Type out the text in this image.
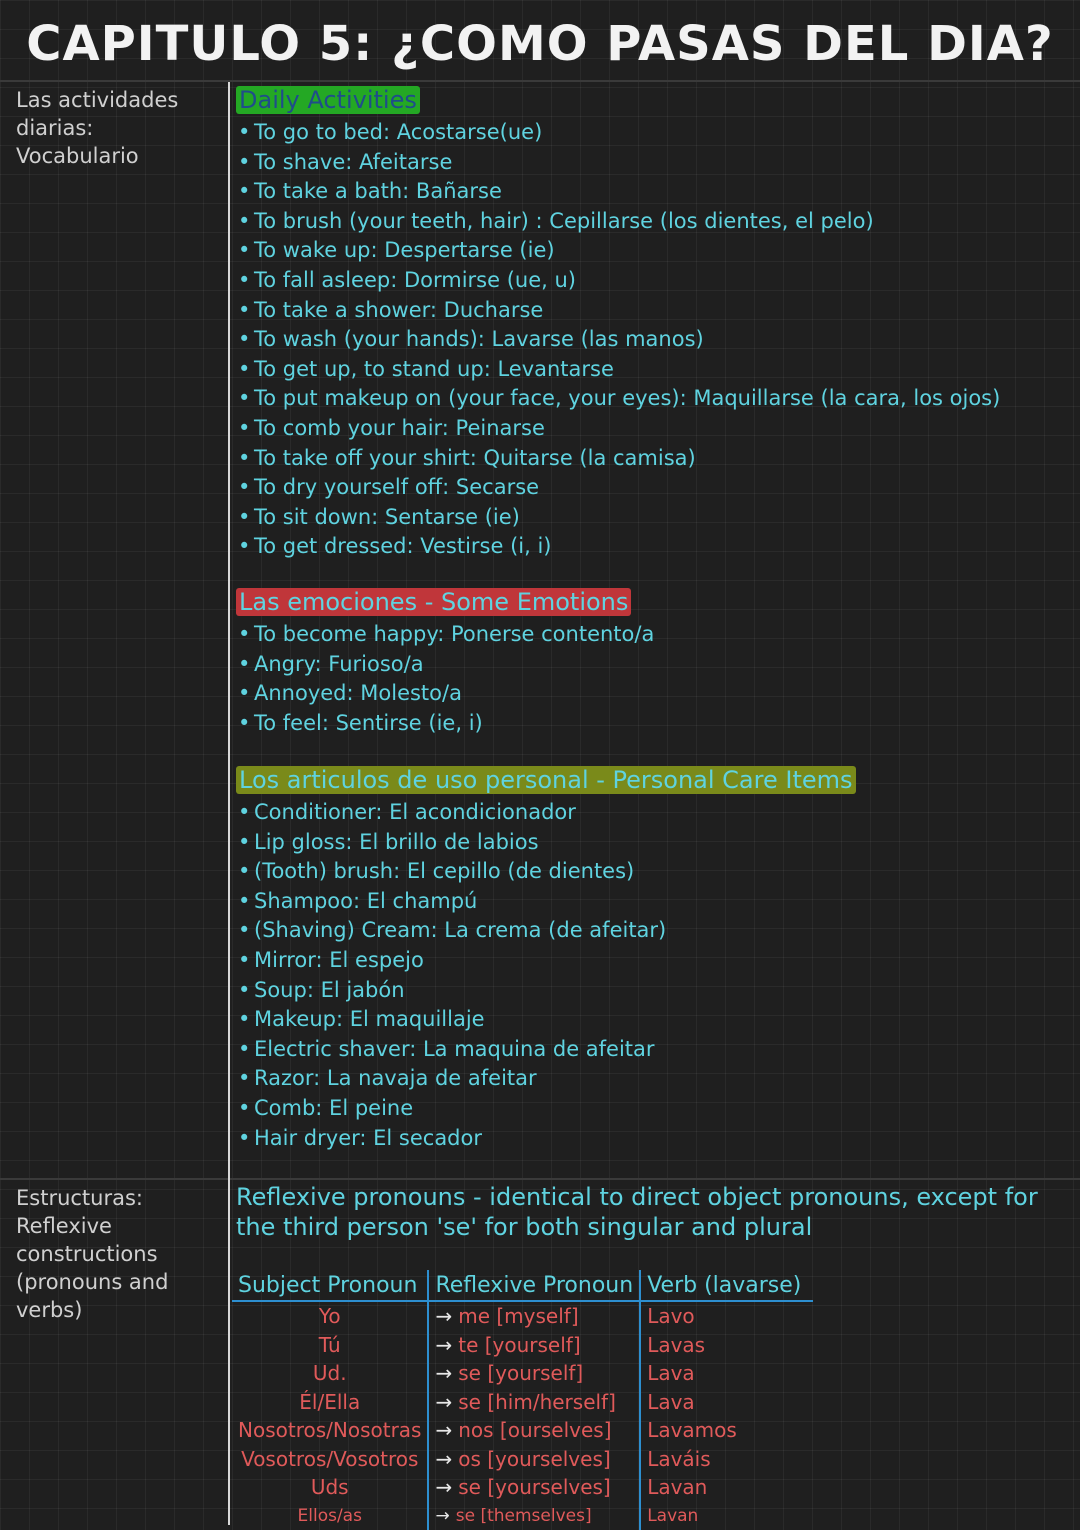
CAPITULO 5: ¿COMO PASAS DEL DIA?
Las actividades diarias: Vocabulario
Estructuras: Reflexive constructions (pronouns and verbs)
Daily Activities
• To go to bed: Acostarse(ue)
• To shave: Afeitarse
• To take a bath: Bañarse
• To brush (your teeth, hair) : Cepillarse (los dientes, el pelo)
• To wake up: Despertarse (ie)
• To fall asleep: Dormirse (ue, u)
• To take a shower: Ducharse
• To wash (your hands): Lavarse (las manos)
• To get up, to stand up: Levantarse
• To put makeup on (your face, your eyes): Maquillarse (la cara, los ojos)
• To comb your hair: Peinarse
• To take off your shirt: Quitarse (la camisa)
• To dry yourself off: Secarse
• To sit down: Sentarse (ie)
• To get dressed: Vestirse (i, i)
Las emociones - Some Emotions
• To become happy: Ponerse contento/a
• Angry: Furioso/a
• Annoyed: Molesto/a
• To feel: Sentirse (ie, i)
Los articulos de uso personal - Personal Care Items
• Conditioner: El acondicionador
• Lip gloss: El brillo de labios
• (Tooth) brush: El cepillo (de dientes)
• Shampoo: El champú
• (Shaving) Cream: La crema (de afeitar)
• Mirror: El espejo
• Soup: El jabón
• Makeup: El maquillaje
• Electric shaver: La maquina de afeitar
• Razor: La navaja de afeitar
• Comb: El peine
• Hair dryer: El secador
Reflexive pronouns - identical to direct object pronouns, except for the third person 'se' for both singular and plural
Subject Pronoun	Reflexive Pronoun	Verb (lavarse)
Yo	→ me [myself]	Lavo
Tú	→ te [yourself]	Lavas
Ud.	→ se [yourself]	Lava
Él/Ella	→ se [him/herself]	Lava
Nosotros/Nosotras	→ nos [ourselves]	Lavamos
Vosotros/Vosotros	→ os [yourselves]	Laváis
Uds	→ se [yourselves]	Lavan
Ellos/as	→ se [themselves]	Lavan
